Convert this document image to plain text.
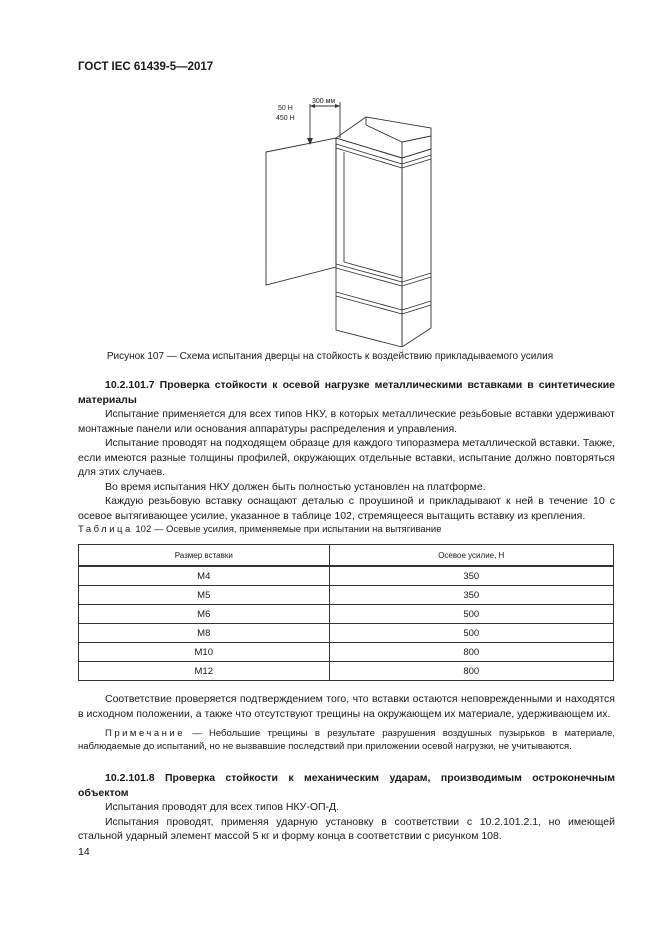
ГОСТ IEC 61439-5—2017
50 Н
450 Н
300 мм
Рисунок 107 — Схема испытания дверцы на стойкость к воздействию прикладываемого усилия

10.2.101.7 Проверка стойкости к осевой нагрузке металлическими вставками в синтетические материалы

Испытание применяется для всех типов НКУ, в которых металлические резьбовые вставки удерживают монтажные панели или основания аппаратуры распределения и управления.

Испытание проводят на подходящем образце для каждого типоразмера металлической вставки. Также, если имеются разные толщины профилей, окружающих отдельные вставки, испытание должно повторяться для этих случаев.

Во время испытания НКУ должен быть полностью установлен на платформе.

Каждую резьбовую вставку оснащают деталью с проушиной и прикладывают к ней в течение 10 с осевое вытягивающее усилие, указанное в таблице 102, стремящееся вытащить вставку из крепления.

Таблица 102 — Осевые усилия, применяемые при испытании на вытягивание
Размер вставки	Осевое усилие, Н
M4	350
M5	350
M6	500
M8	500
M10	800
M12	800

Соответствие проверяется подтверждением того, что вставки остаются неповрежденными и находятся в исходном положении, а также что отсутствуют трещины на окружающем их материале, удерживающем их.

Примечание — Небольшие трещины в результате разрушения воздушных пузырьков в материале, наблюдаемые до испытаний, но не вызвавшие последствий при приложении осевой нагрузки, не учитываются.

10.2.101.8 Проверка стойкости к механическим ударам, производимым остроконечным объектом

Испытания проводят для всех типов НКУ-ОП-Д.

Испытания проводят, применяя ударную установку в соответствии с 10.2.101.2.1, но имеющей стальной ударный элемент массой 5 кг и форму конца в соответствии с рисунком 108.

14
